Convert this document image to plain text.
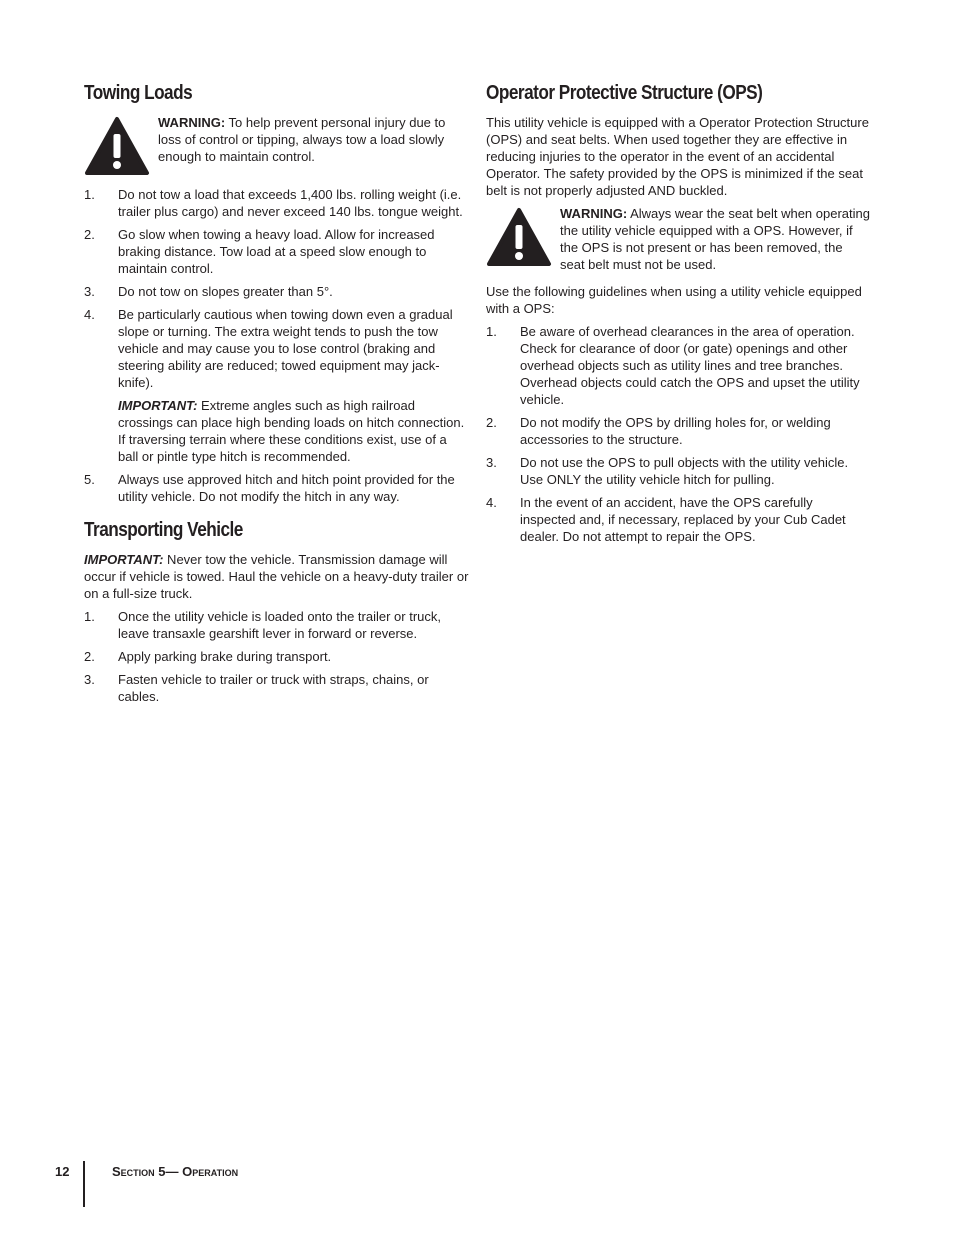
Towing Loads
WARNING: To help prevent personal injury due to loss of control or tipping, always tow a load slowly enough to maintain control.
1.	Do not tow a load that exceeds 1,400 lbs. rolling weight (i.e. trailer plus cargo) and never exceed 140 lbs. tongue weight.

2.	Go slow when towing a heavy load. Allow for increased braking distance. Tow load at a speed slow enough to maintain control.

3.	Do not tow on slopes greater than 5°.

4.	Be particularly cautious when towing down even a gradual slope or turning. The extra weight tends to push the tow vehicle and may cause you to lose control (braking and steering ability are reduced; towed equipment may jack-knife).

IMPORTANT: Extreme angles such as high railroad crossings can place high bending loads on hitch connection. If traversing terrain where these conditions exist, use of a ball or pintle type hitch is recommended.

5.	Always use approved hitch and hitch point provided for the utility vehicle. Do not modify the hitch in any way.

Transporting Vehicle

IMPORTANT: Never tow the vehicle. Transmission damage will occur if vehicle is towed. Haul the vehicle on a heavy-duty trailer or on a full-size truck.

1.	Once the utility vehicle is loaded onto the trailer or truck, leave transaxle gearshift lever in forward or reverse.

2.	Apply parking brake during transport.

3.	Fasten vehicle to trailer or truck with straps, chains, or cables.

Operator Protective Structure (OPS)

This utility vehicle is equipped with a Operator Protection Structure (OPS) and seat belts. When used together they are effective in reducing injuries to the operator in the event of an accidental Operator. The safety provided by the OPS is minimized if the seat belt is not properly adjusted AND buckled.

WARNING: Always wear the seat belt when operating the utility vehicle equipped with a OPS. However, if the OPS is not present or has been removed, the seat belt must not be used.

Use the following guidelines when using a utility vehicle equipped with a OPS:

1.	Be aware of overhead clearances in the area of operation. Check for clearance of door (or gate) openings and other overhead objects such as utility lines and tree branches. Overhead objects could catch the OPS and upset the utility vehicle.

2.	Do not modify the OPS by drilling holes for, or welding accessories to the structure.

3.	Do not use the OPS to pull objects with the utility vehicle. Use ONLY the utility vehicle hitch for pulling.

4.	In the event of an accident, have the OPS carefully inspected and, if necessary, replaced by your Cub Cadet dealer. Do not attempt to repair the OPS.

12	Section 5— Operation
